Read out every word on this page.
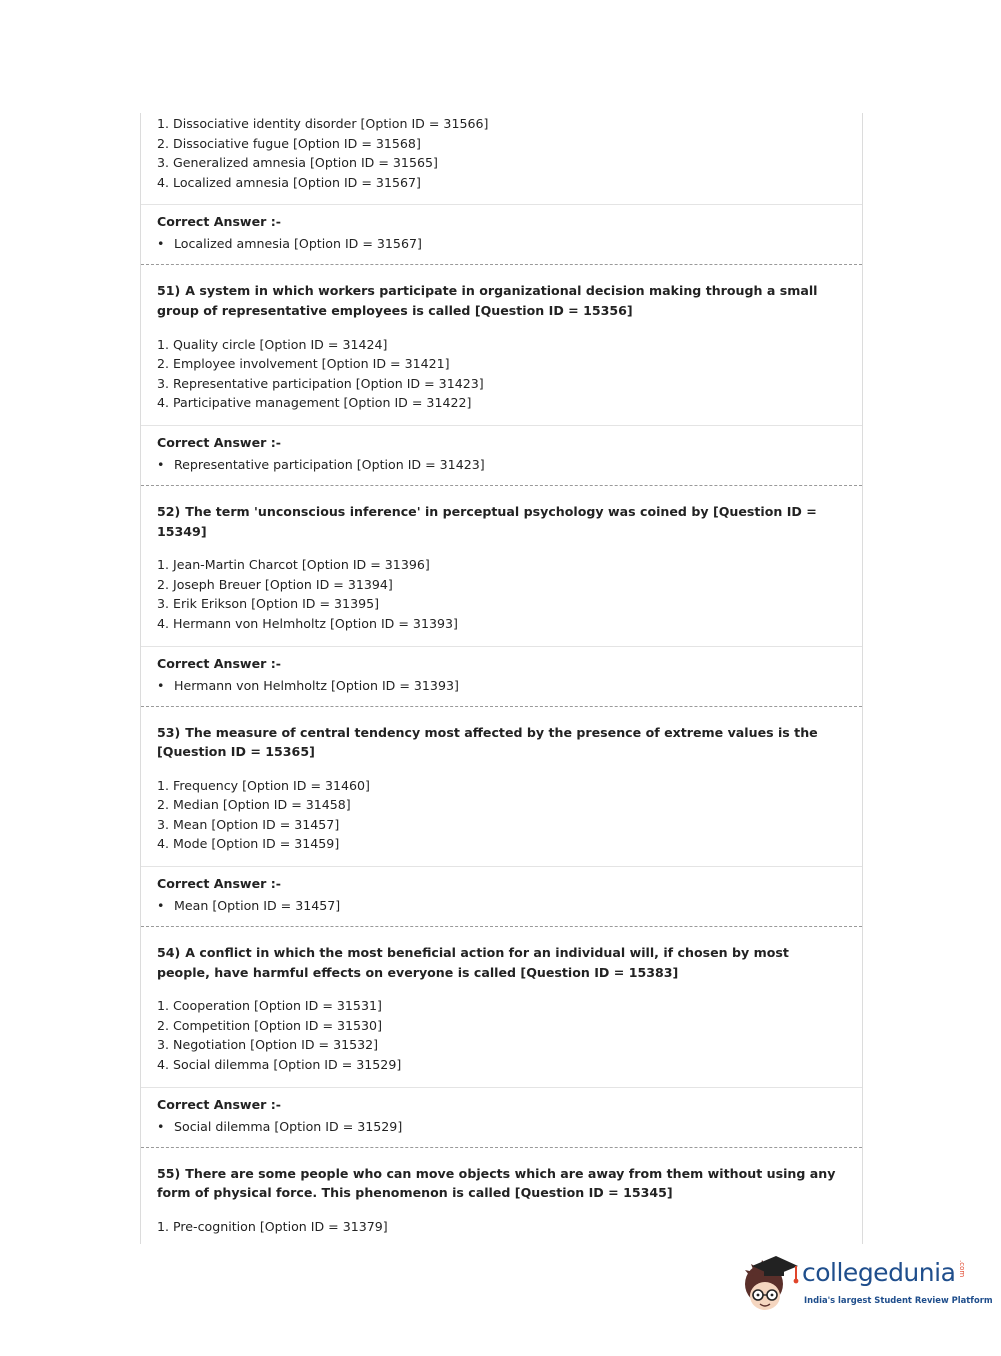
1. Dissociative identity disorder [Option ID = 31566]
2. Dissociative fugue [Option ID = 31568]
3. Generalized amnesia [Option ID = 31565]
4. Localized amnesia [Option ID = 31567]
Correct Answer :-
• Localized amnesia [Option ID = 31567]
51) A system in which workers participate in organizational decision making through a small group of representative employees is called [Question ID = 15356]
1. Quality circle [Option ID = 31424]
2. Employee involvement [Option ID = 31421]
3. Representative participation [Option ID = 31423]
4. Participative management [Option ID = 31422]
Correct Answer :-
• Representative participation [Option ID = 31423]
52) The term 'unconscious inference' in perceptual psychology was coined by [Question ID = 15349]
1. Jean-Martin Charcot [Option ID = 31396]
2. Joseph Breuer [Option ID = 31394]
3. Erik Erikson [Option ID = 31395]
4. Hermann von Helmholtz [Option ID = 31393]
Correct Answer :-
• Hermann von Helmholtz [Option ID = 31393]
53) The measure of central tendency most affected by the presence of extreme values is the [Question ID = 15365]
1. Frequency [Option ID = 31460]
2. Median [Option ID = 31458]
3. Mean [Option ID = 31457]
4. Mode [Option ID = 31459]
Correct Answer :-
• Mean [Option ID = 31457]
54) A conflict in which the most beneficial action for an individual will, if chosen by most people, have harmful effects on everyone is called [Question ID = 15383]
1. Cooperation [Option ID = 31531]
2. Competition [Option ID = 31530]
3. Negotiation [Option ID = 31532]
4. Social dilemma [Option ID = 31529]
Correct Answer :-
• Social dilemma [Option ID = 31529]
55) There are some people who can move objects which are away from them without using any form of physical force. This phenomenon is called [Question ID = 15345]
1. Pre-cognition [Option ID = 31379]
collegedunia .com
India's largest Student Review Platform
